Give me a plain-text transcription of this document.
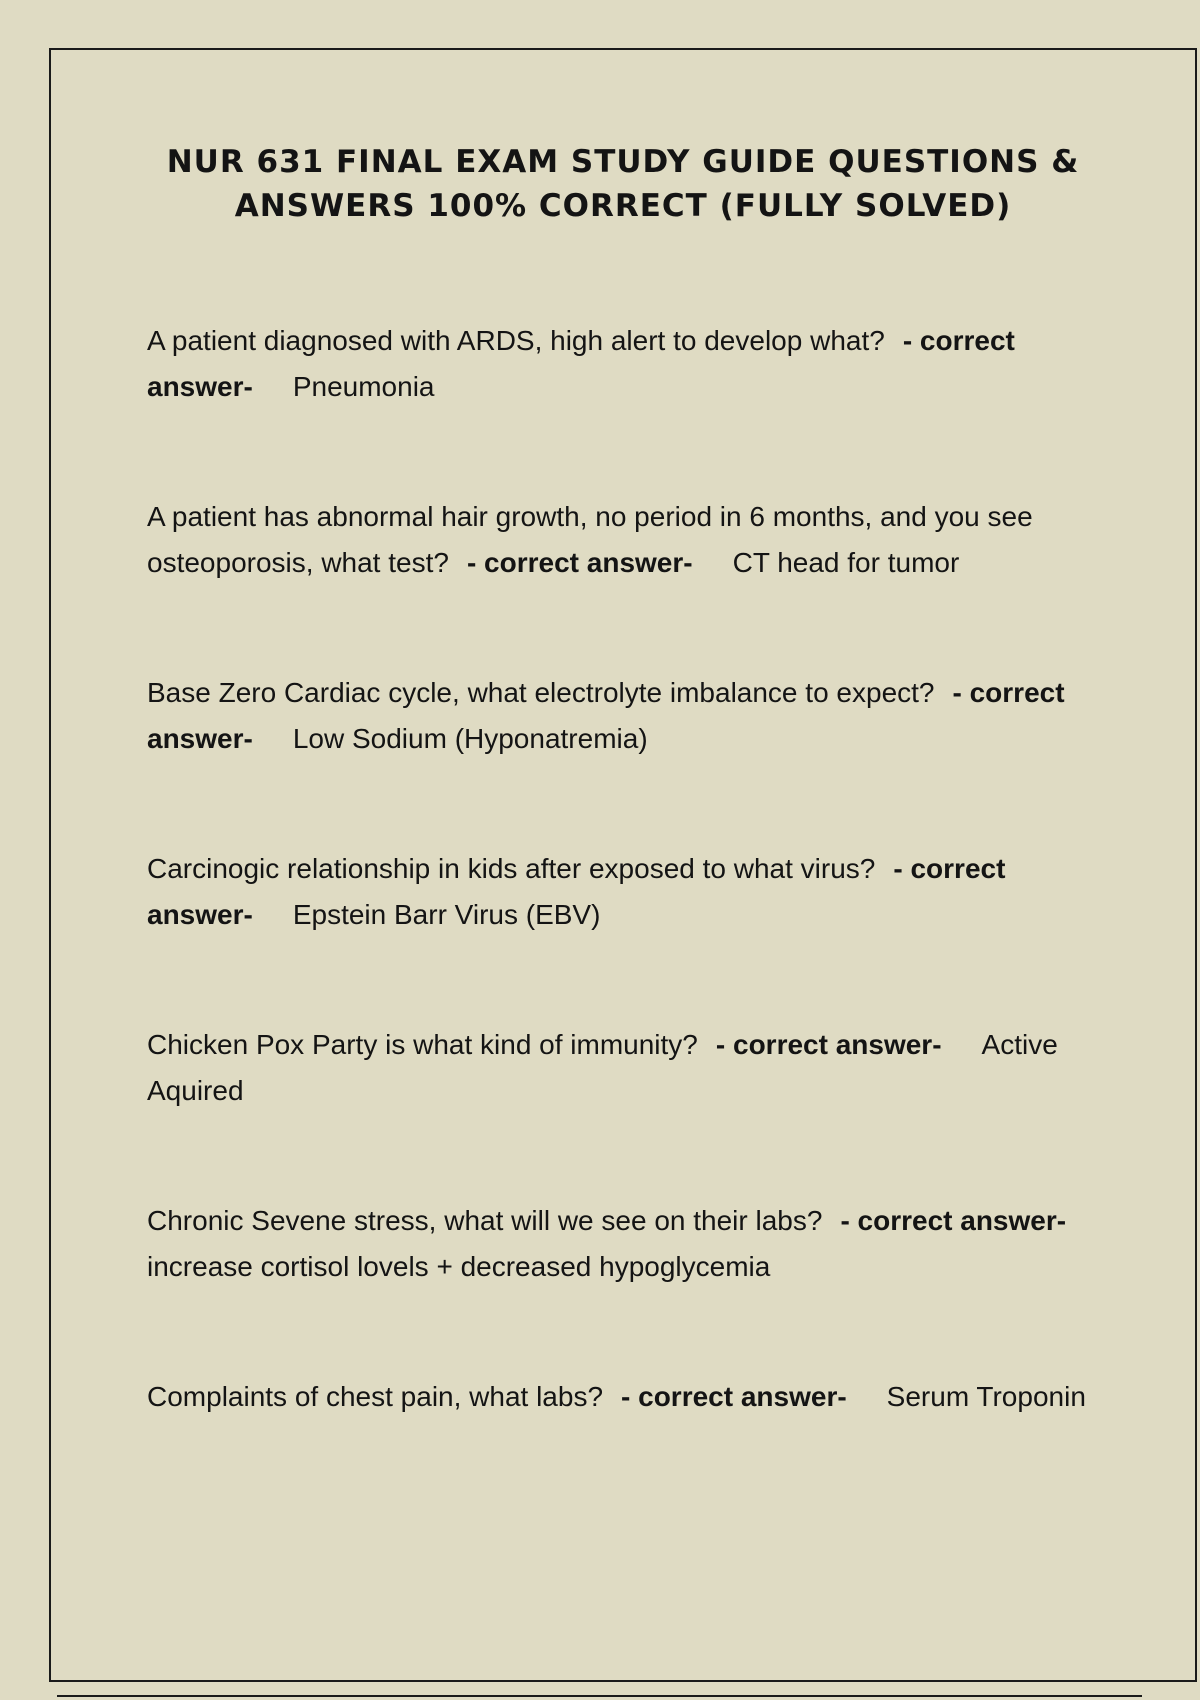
NUR 631 FINAL EXAM STUDY GUIDE QUESTIONS & ANSWERS 100% CORRECT (FULLY SOLVED)

A patient diagnosed with ARDS, high alert to develop what? - correct answer- Pneumonia

A patient has abnormal hair growth, no period in 6 months, and you see osteoporosis, what test? - correct answer- CT head for tumor

Base Zero Cardiac cycle, what electrolyte imbalance to expect? - correct answer- Low Sodium (Hyponatremia)

Carcinogic relationship in kids after exposed to what virus? - correct answer- Epstein Barr Virus (EBV)

Chicken Pox Party is what kind of immunity? - correct answer- Active Aquired

Chronic Sevene stress, what will we see on their labs? - correct answer-increase cortisol lovels + decreased hypoglycemia

Complaints of chest pain, what labs? - correct answer- Serum Troponin
